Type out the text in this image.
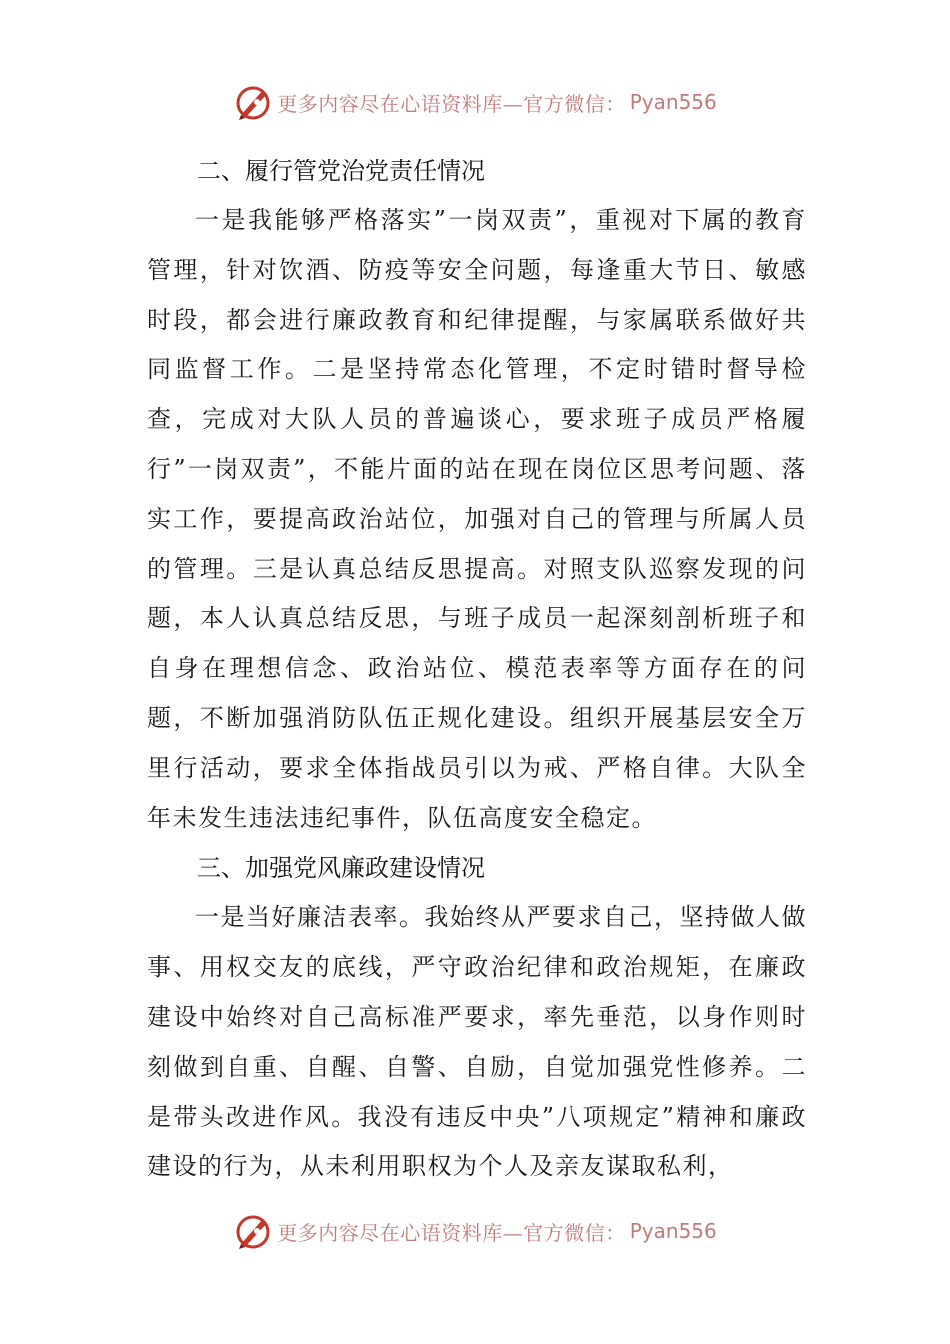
更多内容尽在心语资料库—官方微信： Pyan556
二、履行管党治党责任情况

一是我能够严格落实”一岗双责”，重视对下属的教育管理，针对饮酒、防疫等安全问题，每逢重大节日、敏感时段，都会进行廉政教育和纪律提醒，与家属联系做好共同监督工作。二是坚持常态化管理，不定时错时督导检查，完成对大队人员的普遍谈心，要求班子成员严格履行”一岗双责”，不能片面的站在现在岗位区思考问题、落实工作，要提高政治站位，加强对自己的管理与所属人员的管理。三是认真总结反思提高。对照支队巡察发现的问题，本人认真总结反思，与班子成员一起深刻剖析班子和自身在理想信念、政治站位、模范表率等方面存在的问题，不断加强消防队伍正规化建设。组织开展基层安全万里行活动，要求全体指战员引以为戒、严格自律。大队全年未发生违法违纪事件，队伍高度安全稳定。

三、加强党风廉政建设情况

一是当好廉洁表率。我始终从严要求自己，坚持做人做事、用权交友的底线，严守政治纪律和政治规矩，在廉政建设中始终对自己高标准严要求，率先垂范，以身作则时刻做到自重、自醒、自警、自励，自觉加强党性修养。二是带头改进作风。我没有违反中央”八项规定”精神和廉政建设的行为，从未利用职权为个人及亲友谋取私利，

更多内容尽在心语资料库—官方微信： Pyan556
